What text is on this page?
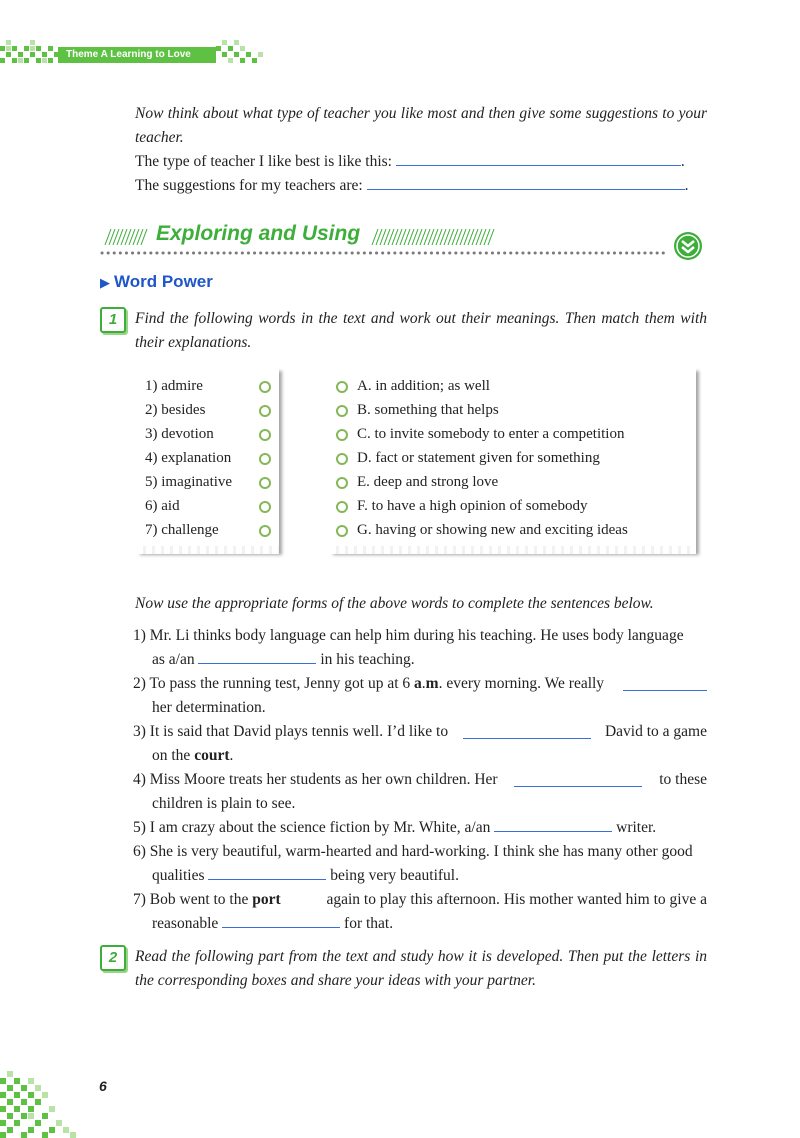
Theme A Learning to Love
Now think about what type of teacher you like most and then give some suggestions to your teacher.
The type of teacher I like best is like this:	.
The suggestions for my teachers are:	.
Exploring and Using
▶ Word Power
1	Find the following words in the text and work out their meanings. Then match them with their explanations.
1) admire
2) besides
3) devotion
4) explanation
5) imaginative
6) aid
7) challenge
A. in addition; as well
B. something that helps
C. to invite somebody to enter a competition
D. fact or statement given for something
E. deep and strong love
F. to have a high opinion of somebody
G. having or showing new and exciting ideas
Now use the appropriate forms of the above words to complete the sentences below.
1) Mr. Li thinks body language can help him during his teaching. He uses body language
as a/an	in his teaching.
2) To pass the running test, Jenny got up at 6 a.m. every morning. We really
her determination.
3) It is said that David plays tennis well. I’d like to	David to a game
on the court.
4) Miss Moore treats her students as her own children. Her	to these
children is plain to see.
5) I am crazy about the science fiction by Mr. White, a/an	writer.
6) She is very beautiful, warm-hearted and hard-working. I think she has many other good
qualities	being very beautiful.
7) Bob went to the port	again to play this afternoon. His mother wanted him to give a
reasonable	for that.
2	Read the following part from the text and study how it is developed. Then put the letters in the corresponding boxes and share your ideas with your partner.
6
